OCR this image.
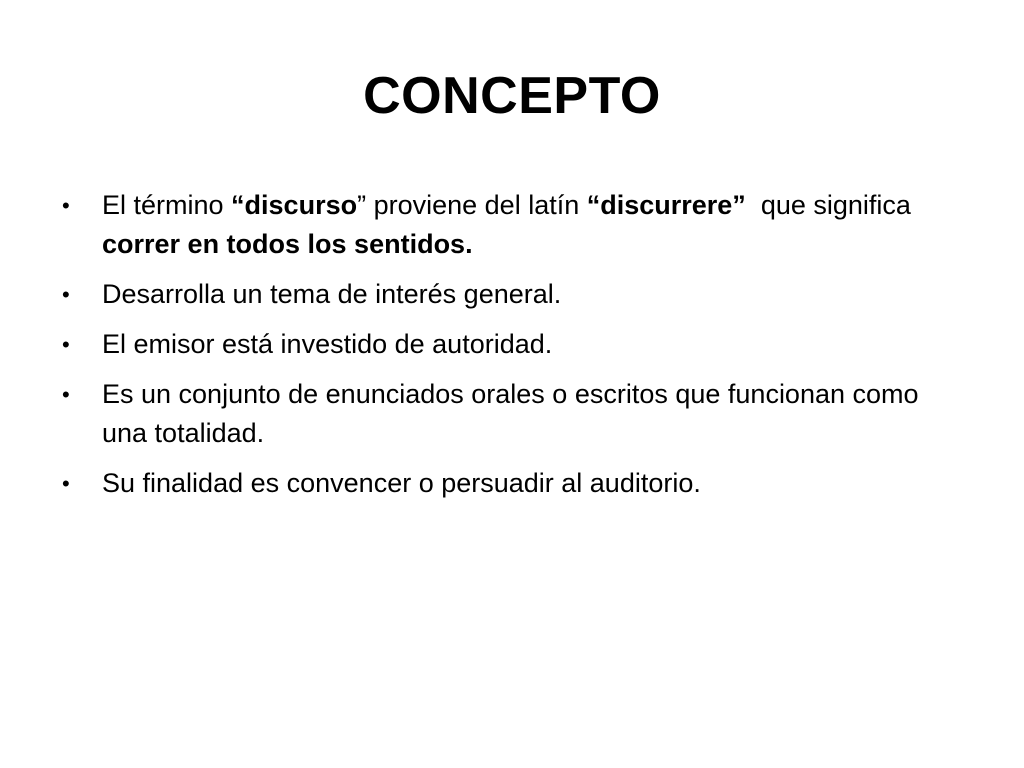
CONCEPTO
• El término “discurso” proviene del latín “discurrere”  que significa correr en todos los sentidos.
• Desarrolla un tema de interés general.
• El emisor está investido de autoridad.
• Es un conjunto de enunciados orales o escritos que funcionan como una totalidad.
• Su finalidad es convencer o persuadir al auditorio.
